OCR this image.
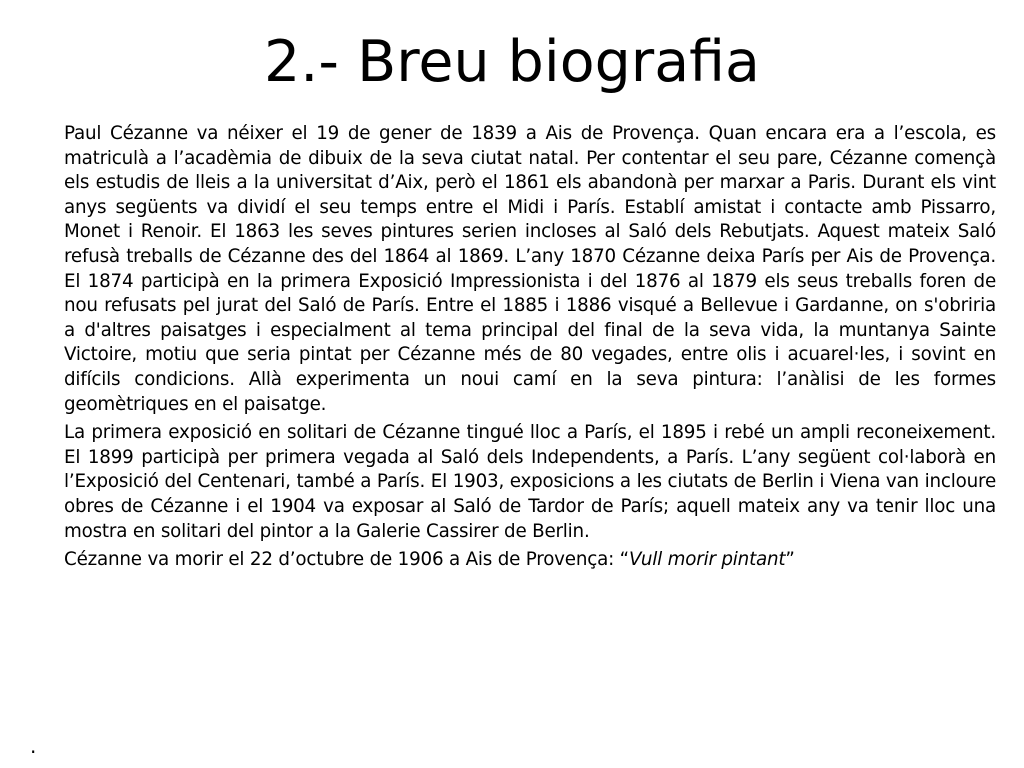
2.- Breu biografia

Paul Cézanne va néixer el 19 de gener de 1839 a Ais de Provença. Quan encara era a l’escola, es matriculà a l’acadèmia de dibuix de la seva ciutat natal. Per contentar el seu pare, Cézanne començà els estudis de lleis a la universitat d’Aix, però el 1861 els abandonà per marxar a Paris. Durant els vint anys següents va dividí el seu temps entre el Midi i París. Establí amistat i contacte amb Pissarro, Monet i Renoir. El 1863 les seves pintures serien incloses al Saló dels Rebutjats. Aquest mateix Saló refusà treballs de Cézanne des del 1864 al 1869. L’any 1870 Cézanne deixa París per Ais de Provença. El 1874 participà en la primera Exposició Impressionista i del 1876 al 1879 els seus treballs foren de nou refusats pel jurat del Saló de París. Entre el 1885 i 1886 visqué a Bellevue i Gardanne, on s'obriria a d'altres paisatges i especialment al tema principal del final de la seva vida, la muntanya Sainte Victoire, motiu que seria pintat per Cézanne més de 80 vegades, entre olis i acuarel·les, i sovint en difícils condicions. Allà experimenta un noui camí en la seva pintura: l’anàlisi de les formes geomètriques en el paisatge.

La primera exposició en solitari de Cézanne tingué lloc a París, el 1895 i rebé un ampli reconeixement. El 1899 participà per primera vegada al Saló dels Independents, a París. L’any següent col·laborà en l’Exposició del Centenari, també a París. El 1903, exposicions a les ciutats de Berlin i Viena van incloure obres de Cézanne i el 1904 va exposar al Saló de Tardor de París; aquell mateix any va tenir lloc una mostra en solitari del pintor a la Galerie Cassirer de Berlin.

Cézanne va morir el 22 d’octubre de 1906 a Ais de Provença: “Vull morir pintant”

.
